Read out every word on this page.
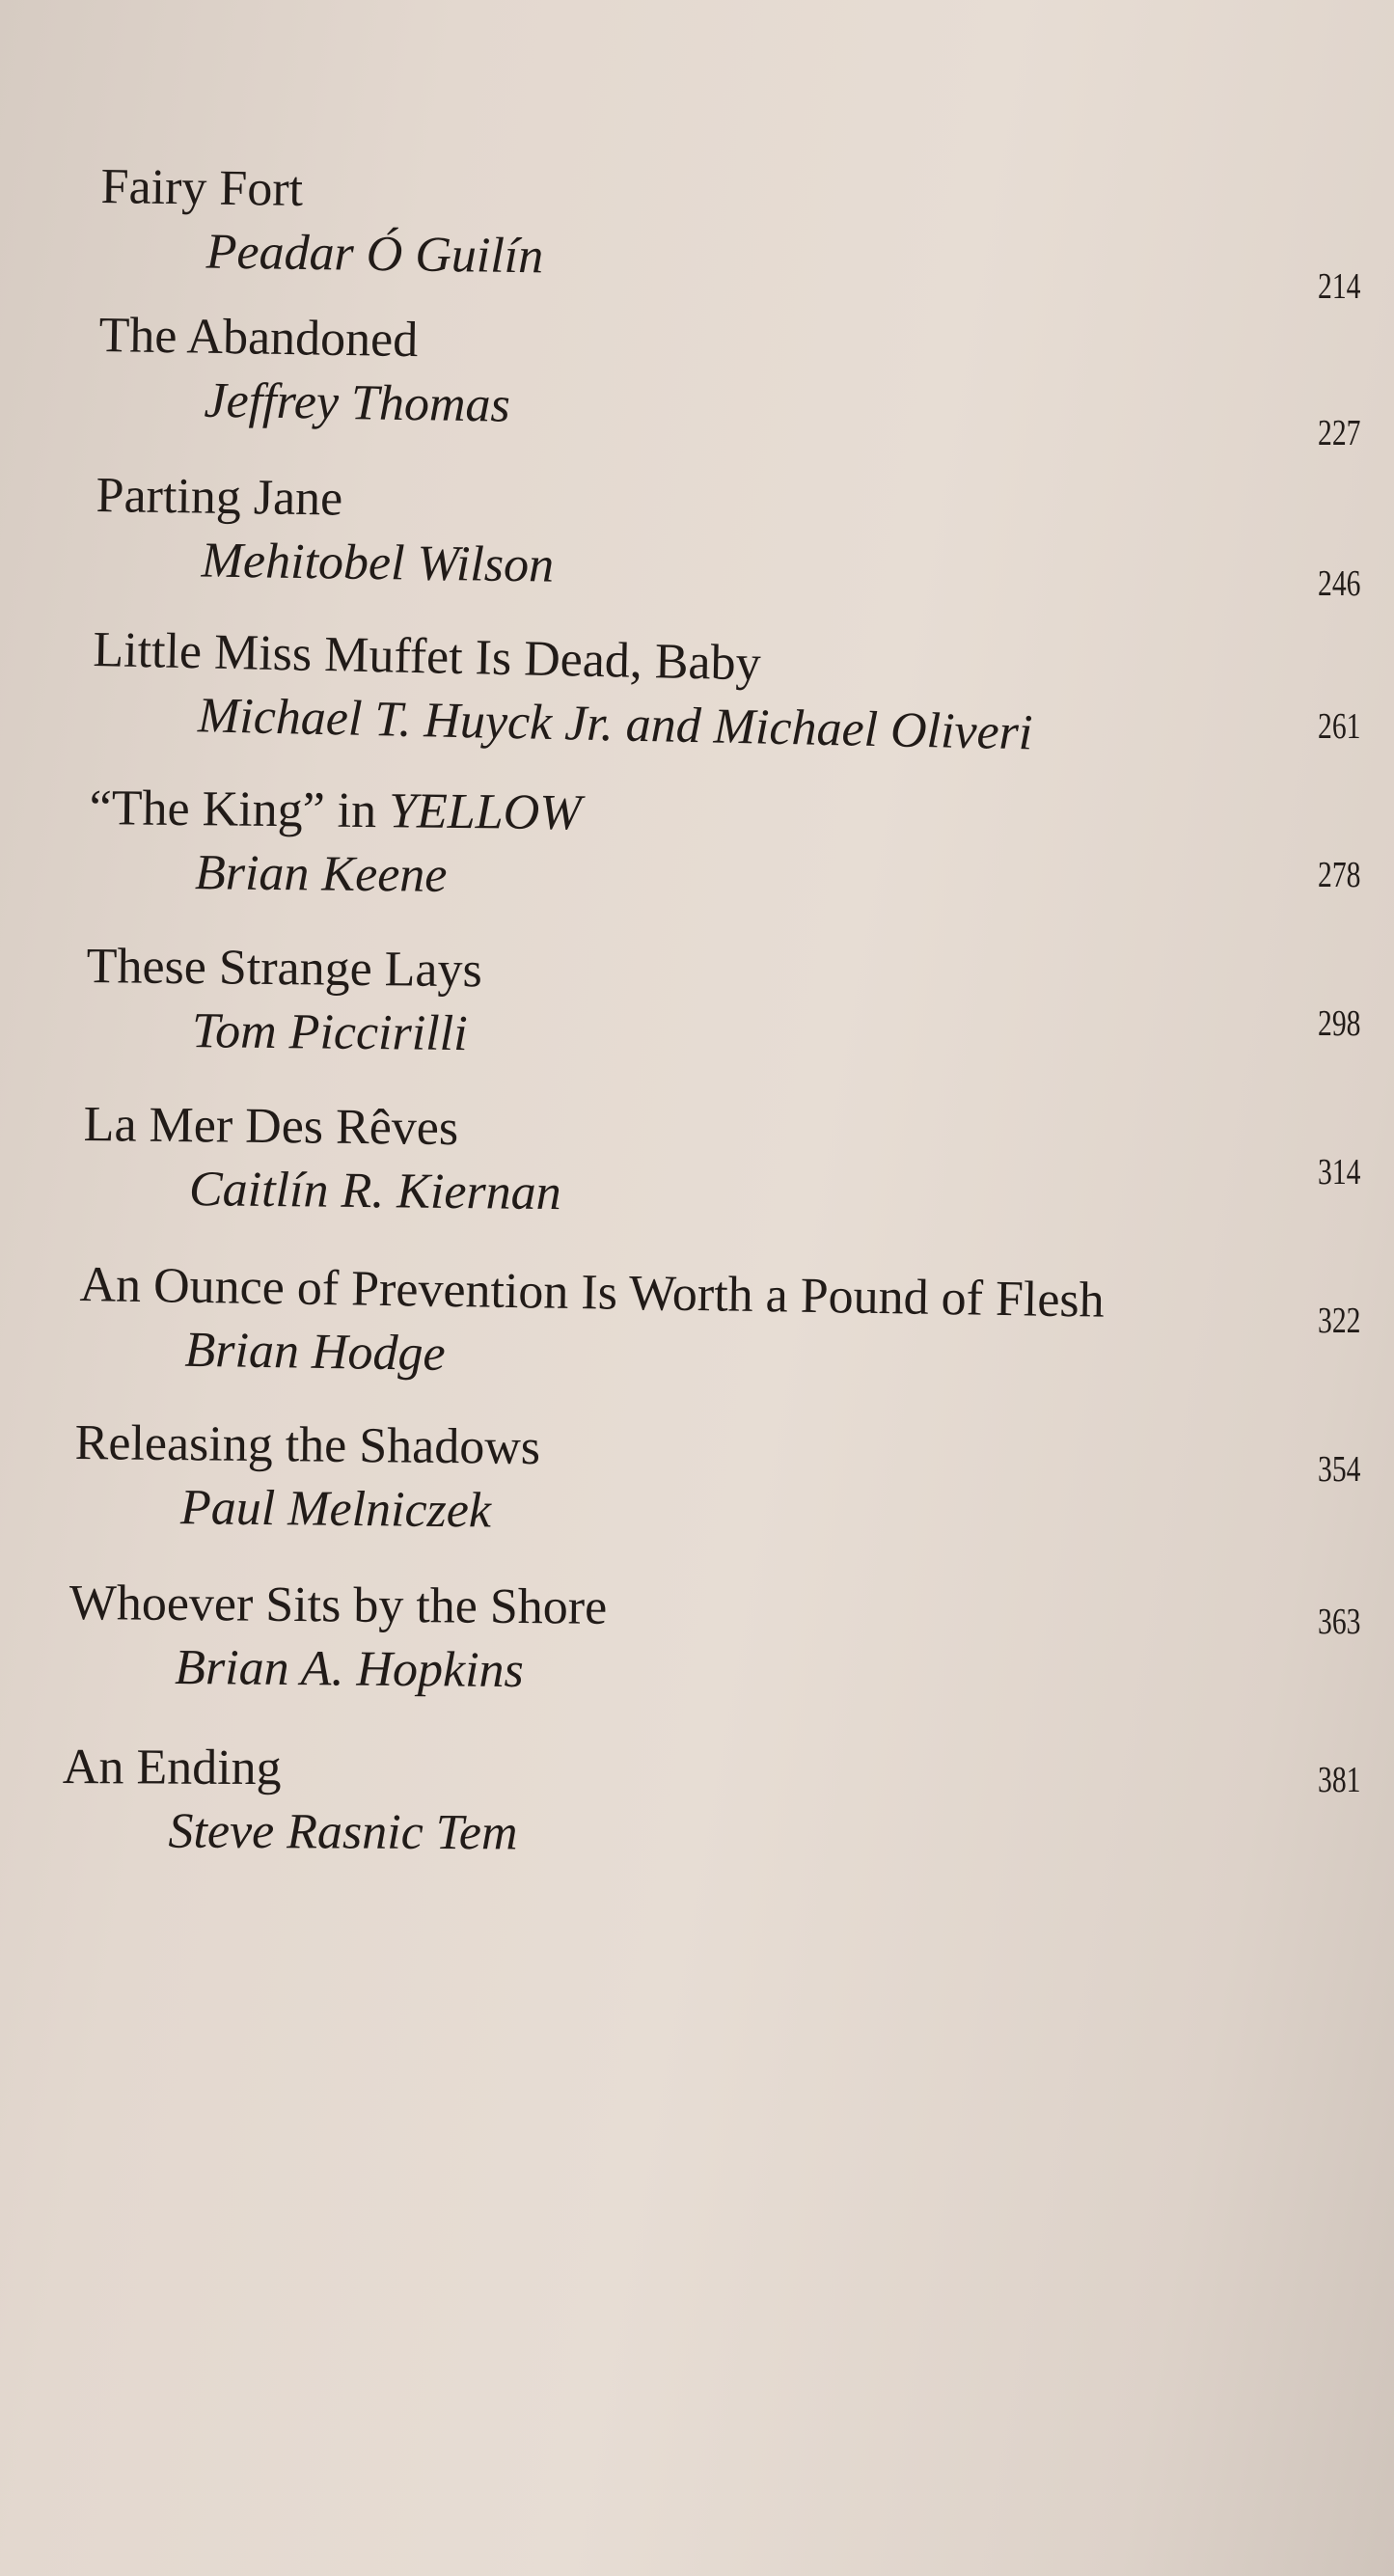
Fairy Fort
Peadar Ó Guilín
214
The Abandoned
Jeffrey Thomas
227
Parting Jane
Mehitobel Wilson	246
Little Miss Muffet Is Dead, Baby
Michael T. Huyck Jr. and Michael Oliveri	261
“The King” in YELLOW
Brian Keene	278
These Strange Lays
Tom Piccirilli	298
La Mer Des Rêves
Caitlín R. Kiernan	314
An Ounce of Prevention Is Worth a Pound of Flesh
Brian Hodge
322
Releasing the Shadows
Paul Melniczek
354
Whoever Sits by the Shore
Brian A. Hopkins
363
An Ending
Steve Rasnic Tem
381
